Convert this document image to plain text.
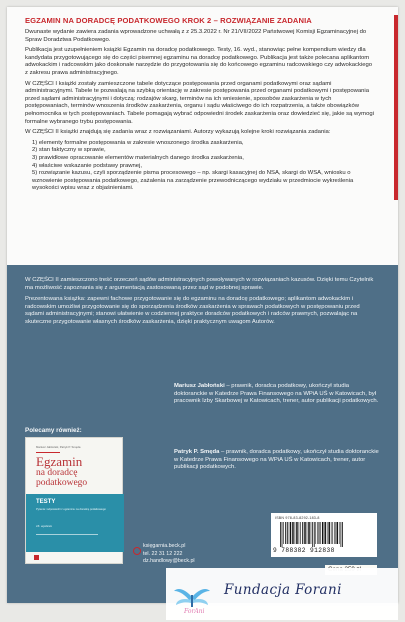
EGZAMIN NA DORADCĘ PODATKOWEGO KROK 2 – ROZWIĄZANIE ZADANIA

Dwunaste wydanie zawiera zadania wprowadzone uchwałą z z 25.3.2022 r. Nr 21/VII/2022 Państwowej Komisji Egzaminacyjnej do Spraw Doradztwa Podatkowego.

Publikacja jest uzupełnieniem książki Egzamin na doradcę podatkowego. Testy, 16. wyd., stanowiąc pełne kompendium wiedzy dla kandydata przygotowującego się do części pisemnej egzaminu na doradcę podatkowego. Publikacja jest także polecana aplikantom adwokackim i radcowskim jako doskonałe narzędzie do przygotowania się do końcowego egzaminu radcowskiego czy adwokackiego z zakresu prawa administracyjnego.

W CZĘŚCI I książki zostały zamieszczone tabele dotyczące postępowania przed organami podatkowymi oraz sądami administracyjnymi. Tabele te pozwalają na szybką orientację w zakresie postępowania przed organami podatkowymi i postępowania przed sądami administracyjnymi i dotyczą: rodzajów skarg, terminów na ich wniesienie, sposobów zaskarżenia w tych postępowaniach, terminów wnoszenia środków zaskarżenia, organu i sądu właściwego do ich rozpatrzenia, a także obowiązków pełnomocnika w tych postępowaniach. Tabele pomagają wybrać odpowiedni środek zaskarżenia oraz dowiedzieć się, jakie są wymogi formalne wybranego trybu postępowania.

W CZĘŚCI II książki znajdują się zadania wraz z rozwiązaniami. Autorzy wykazują kolejne kroki rozwiązania zadania:

1) elementy formalne postępowania w zakresie wnoszonego środka zaskarżenia,
2) stan faktyczny w sprawie,
3) prawidłowe opracowanie elementów materialnych danego środka zaskarżenia,
4) właściwe wskazanie podstawy prawnej,
5) rozwiązanie kazusu, czyli sporządzenie pisma procesowego – np. skargi kasacyjnej do NSA, skargi do WSA, wniosku o wznowienie postępowania podatkowego, zażalenia na zarządzenie przewodniczącego wydziału w przedmiocie wykreślenia wysokości wpisu wraz z objaśnieniami.

W CZĘŚCI II zamieszczono treść orzeczeń sądów administracyjnych powoływanych w rozwiązaniach kazusów. Dzięki temu Czytelnik ma możliwość zapoznania się z argumentacją zastosowaną przez sąd w podobnej sprawie.

Prezentowana książka: zapewni fachowe przygotowanie się do egzaminu na doradcę podatkowego; aplikantom adwokackim i radcowskim umożliwi przygotowanie się do sporządzenia środków zaskarżenia w sprawach podatkowych w postępowaniu przed sądami administracyjnymi; stanowi ułatwienie w codziennej praktyce doradców podatkowych i radców prawnych, pozwalając na skuteczne przygotowanie własnych środków zaskarżenia, dzięki praktycznym uwagom Autorów.

Mariusz Jabłoński – prawnik, doradca podatkowy, ukończył studia doktoranckie w Katedrze Prawa Finansowego na WPiA UŚ w Katowicach, był pracownik Izby Skarbowej w Katowicach, trener, autor publikacji podatkowych.
Patryk P. Smęda – prawnik, doradca podatkowy, ukończył studia doktoranckie w Katedrze Prawa Finansowego na WPiA UŚ w Katowicach, trener, autor publikacji podatkowych.
Polecamy również:
Mariusz Jabłoński, Patryk P. Smęda
Egzamin
na doradcę
podatkowego
TESTY
Pytania i odpowiedzi z egzaminu na doradcę podatkowego
16. wydanie
księgarnia.beck.pl
tel. 22 31 12 222
dz.handlowy@beck.pl
ISBN 978-83-8292-183-8
9 788382 912838
ForAni
Fundacja Forani
